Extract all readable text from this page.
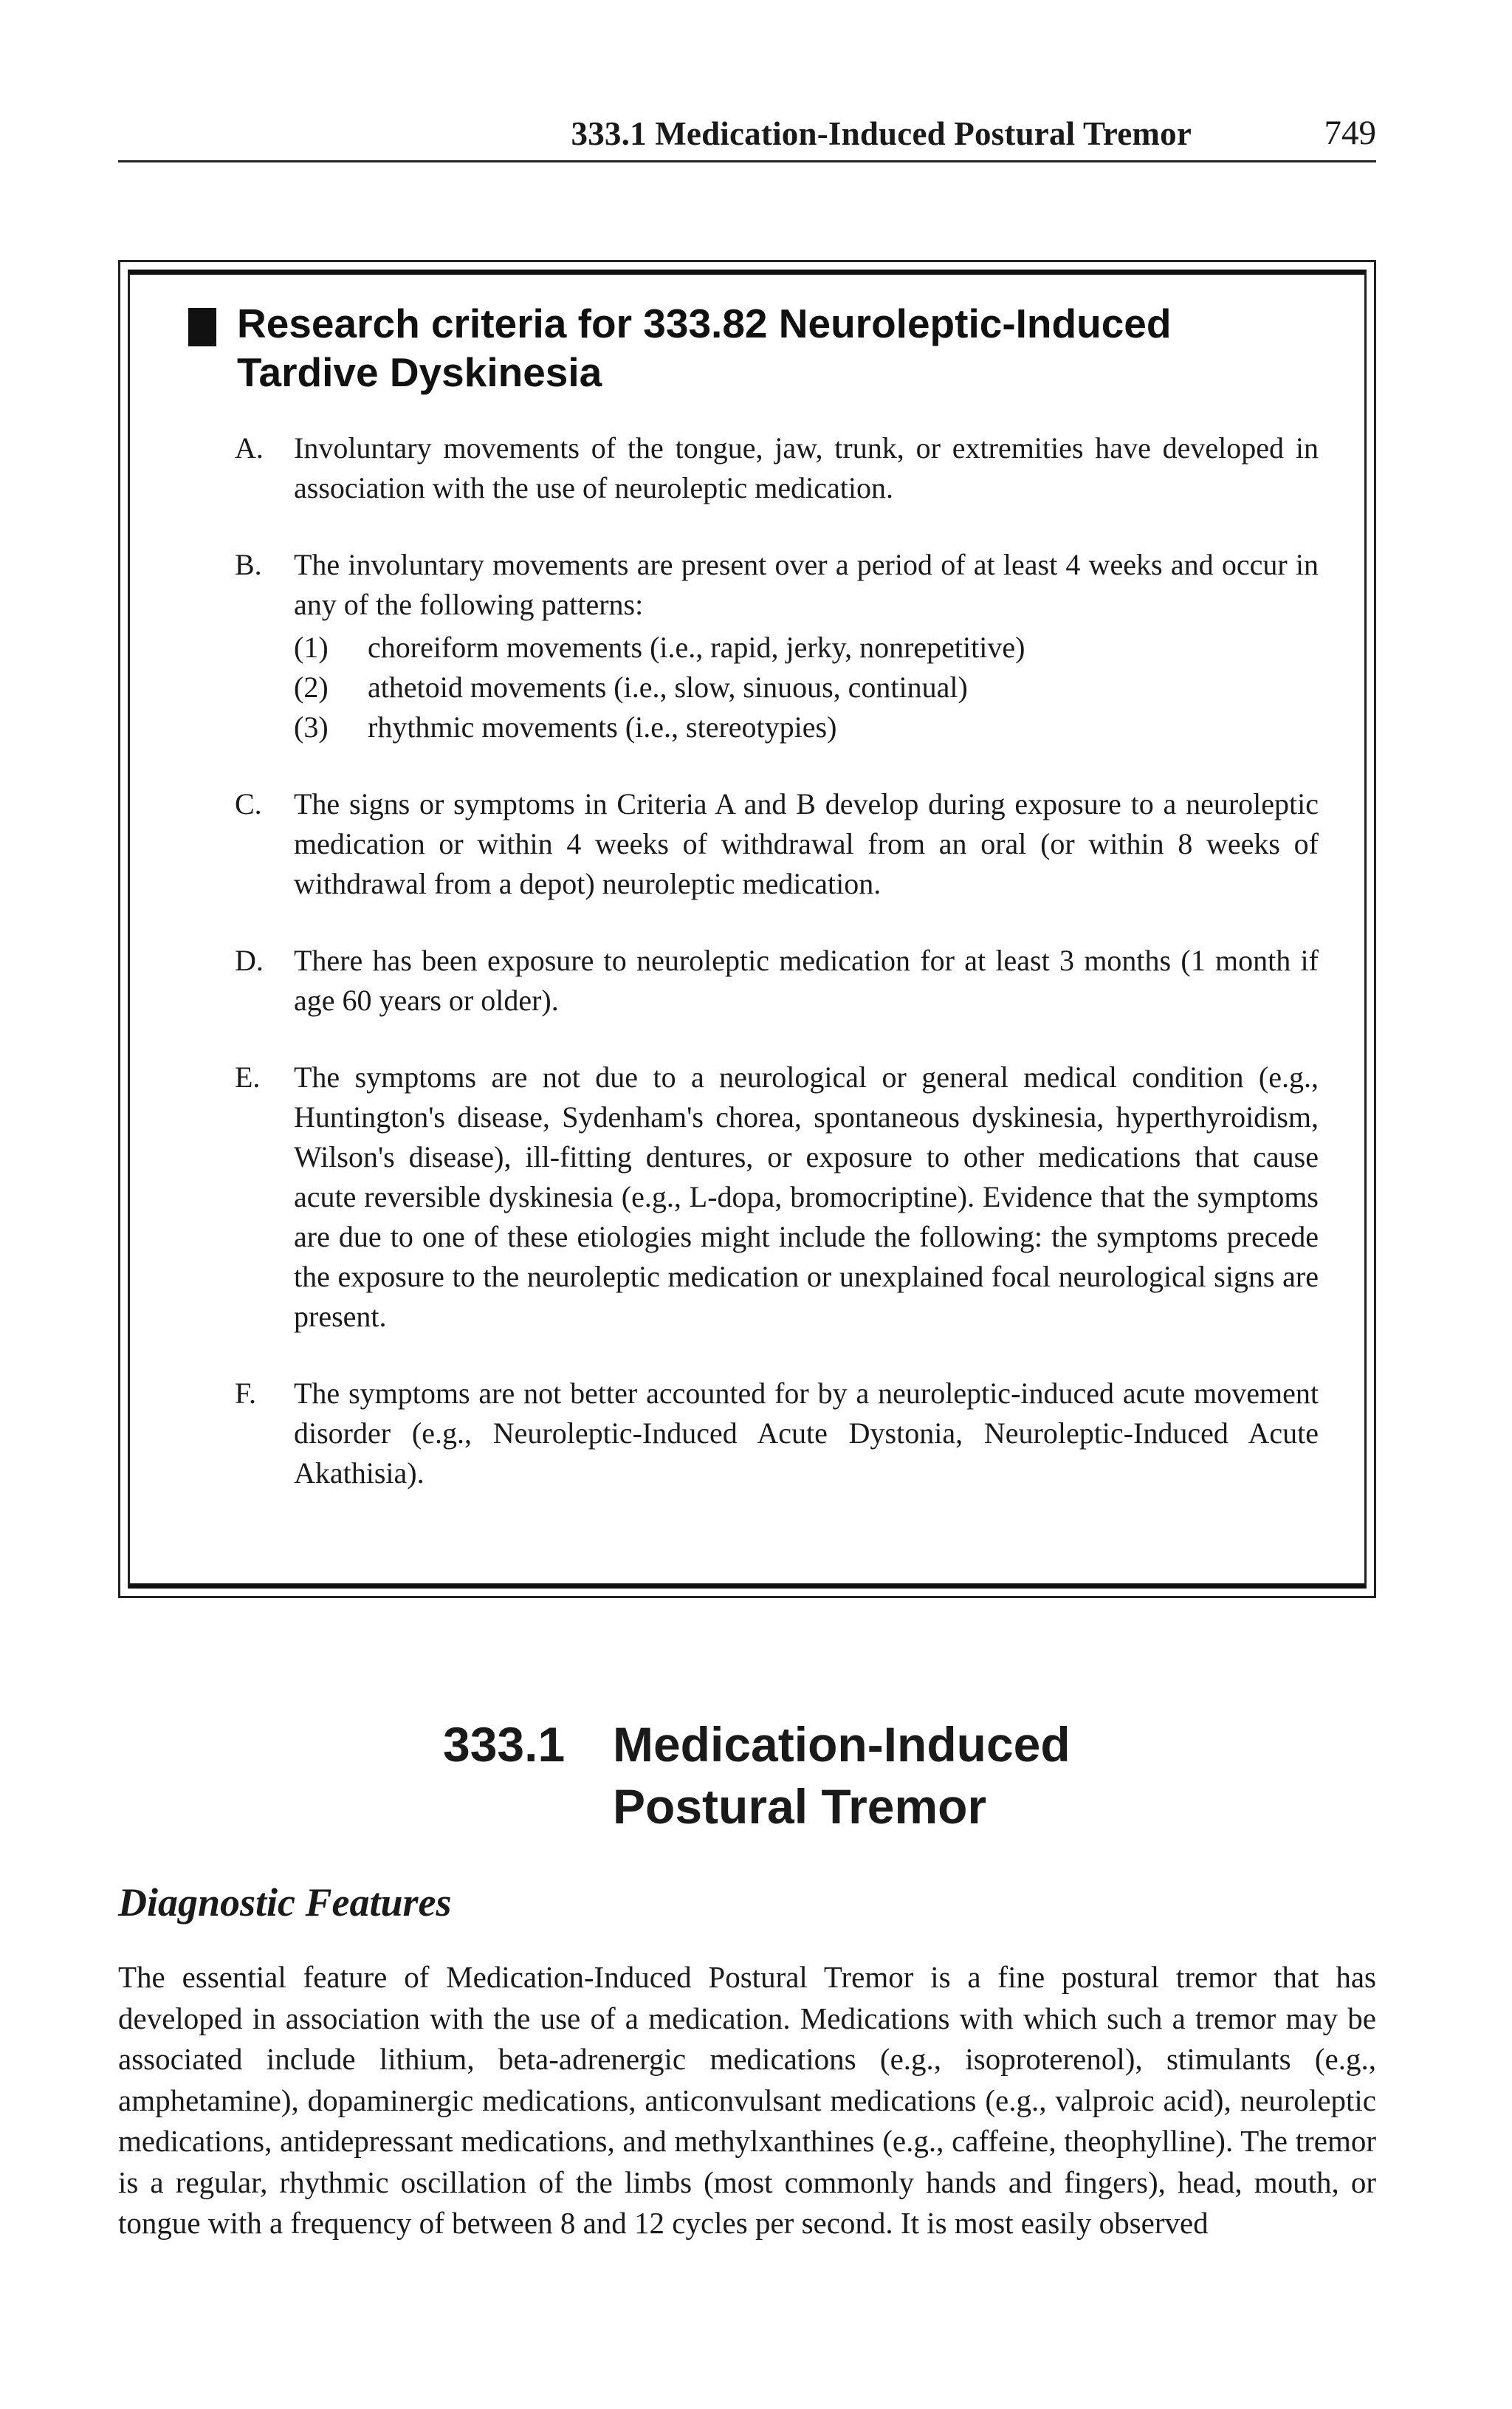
333.1 Medication-Induced Postural Tremor	749
Research criteria for 333.82 Neuroleptic-Induced
Tardive Dyskinesia
A.	Involuntary movements of the tongue, jaw, trunk, or extremities have developed in association with the use of neuroleptic medication.

B.	The involuntary movements are present over a period of at least 4 weeks and occur in any of the following patterns:

(1)	choreiform movements (i.e., rapid, jerky, nonrepetitive)
(2)	athetoid movements (i.e., slow, sinuous, continual)
(3)	rhythmic movements (i.e., stereotypies)
C.	The signs or symptoms in Criteria A and B develop during exposure to a neuroleptic medication or within 4 weeks of withdrawal from an oral (or within 8 weeks of withdrawal from a depot) neuroleptic medication.

D.	There has been exposure to neuroleptic medication for at least 3 months (1 month if age 60 years or older).

E.	The symptoms are not due to a neurological or general medical condition (e.g., Huntington's disease, Sydenham's chorea, spontaneous dyskinesia, hyperthyroidism, Wilson's disease), ill-fitting dentures, or exposure to other medications that cause acute reversible dyskinesia (e.g., L-dopa, bromocriptine). Evidence that the symptoms are due to one of these etiologies might include the following: the symptoms precede the exposure to the neuroleptic medication or unexplained focal neurological signs are present.

F.	The symptoms are not better accounted for by a neuroleptic-induced acute movement disorder (e.g., Neuroleptic-Induced Acute Dystonia, Neuroleptic-Induced Acute Akathisia).

333.1 Medication-Induced
Postural Tremor
Diagnostic Features

The essential feature of Medication-Induced Postural Tremor is a fine postural tremor that has developed in association with the use of a medication. Medications with which such a tremor may be associated include lithium, beta-adrenergic medications (e.g., isoproterenol), stimulants (e.g., amphetamine), dopaminergic medications, anticonvulsant medications (e.g., valproic acid), neuroleptic medications, antidepressant medications, and methylxanthines (e.g., caffeine, theophylline). The tremor is a regular, rhythmic oscillation of the limbs (most commonly hands and fingers), head, mouth, or tongue with a frequency of between 8 and 12 cycles per second. It is most easily observed
